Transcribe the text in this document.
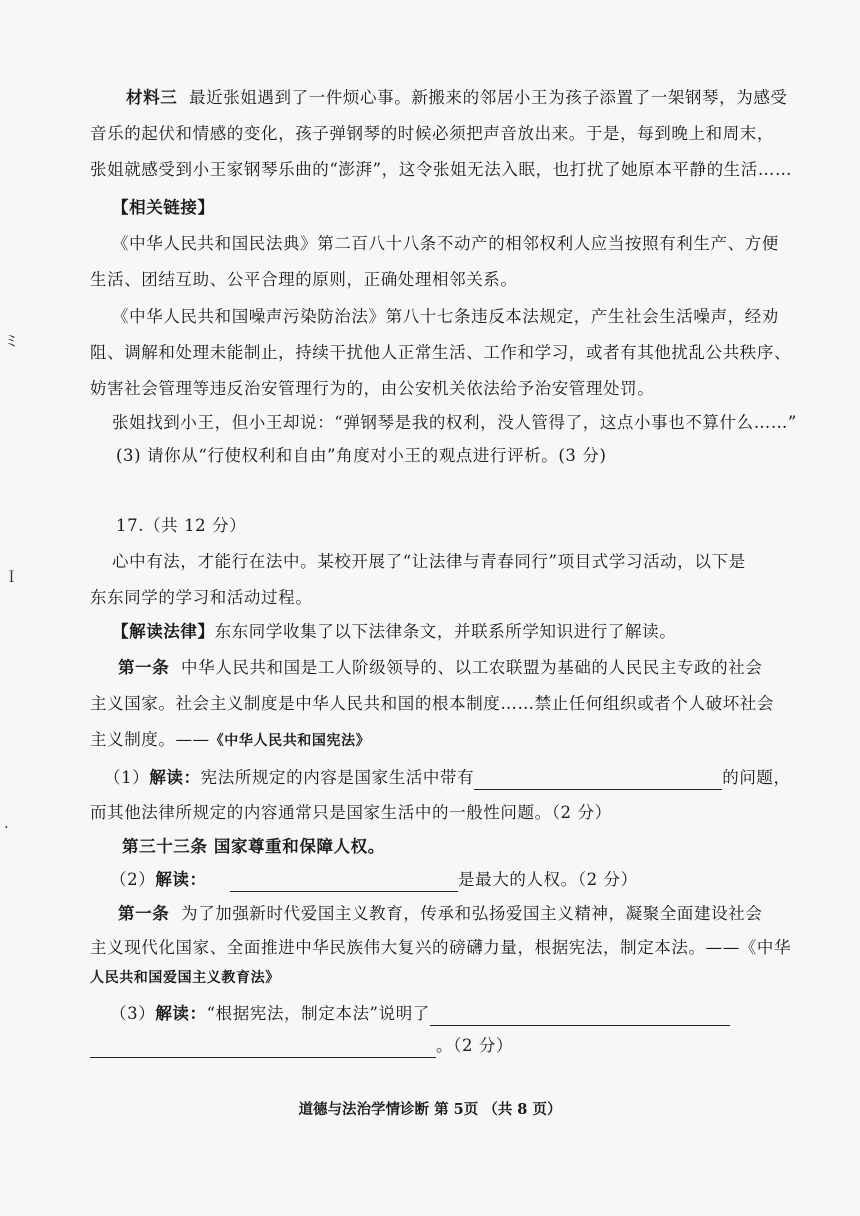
ミ
Ｉ
·
材料三 最近张姐遇到了一件烦心事。新搬来的邻居小王为孩子添置了一架钢琴，为感受
音乐的起伏和情感的变化，孩子弹钢琴的时候必须把声音放出来。于是，每到晚上和周末，
张姐就感受到小王家钢琴乐曲的“澎湃”，这令张姐无法入眠，也打扰了她原本平静的生活……
【相关链接】
《中华人民共和国民法典》第二百八十八条不动产的相邻权利人应当按照有利生产、方便
生活、团结互助、公平合理的原则，正确处理相邻关系。
《中华人民共和国噪声污染防治法》第八十七条违反本法规定，产生社会生活噪声，经劝
阻、调解和处理未能制止，持续干扰他人正常生活、工作和学习，或者有其他扰乱公共秩序、
妨害社会管理等违反治安管理行为的，由公安机关依法给予治安管理处罚。
张姐找到小王，但小王却说：“弹钢琴是我的权利，没人管得了，这点小事也不算什么……”
(3) 请你从“行使权利和自由”角度对小王的观点进行评析。(3 分)
17.（共 12 分）
心中有法，才能行在法中。某校开展了“让法律与青春同行”项目式学习活动，以下是
东东同学的学习和活动过程。
【解读法律】东东同学收集了以下法律条文，并联系所学知识进行了解读。
第一条 中华人民共和国是工人阶级领导的、以工农联盟为基础的人民民主专政的社会
主义国家。社会主义制度是中华人民共和国的根本制度……禁止任何组织或者个人破坏社会
主义制度。——《中华人民共和国宪法》
（1）解读：宪法所规定的内容是国家生活中带有	的问题，
而其他法律所规定的内容通常只是国家生活中的一般性问题。（2 分）
第三十三条 国家尊重和保障人权。
（2）解读：	是最大的人权。（2 分）
第一条 为了加强新时代爱国主义教育，传承和弘扬爱国主义精神，凝聚全面建设社会
主义现代化国家、全面推进中华民族伟大复兴的磅礴力量，根据宪法，制定本法。——《中华
人民共和国爱国主义教育法》
（3）解读：“根据宪法，制定本法”说明了
。（2 分）
道德与法治学情诊断 第 5页 （共 8 页）
